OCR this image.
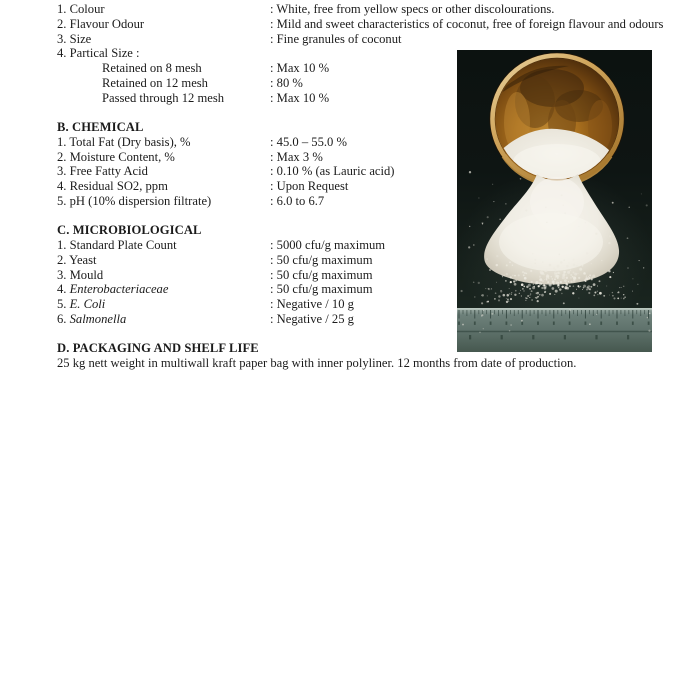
1. Colour	: White, free from yellow specs or other discolourations.
2. Flavour Odour	: Mild and sweet characteristics of coconut, free of foreign flavour and odours
3. Size	: Fine granules of coconut
4. Partical Size :
Retained on 8 mesh	: Max 10 %
Retained on 12 mesh	: 80 %
Passed through 12 mesh	: Max 10 %
B. CHEMICAL
1. Total Fat (Dry basis), %	: 45.0 – 55.0 %
2. Moisture Content, %	: Max 3 %
3. Free Fatty Acid	: 0.10 % (as Lauric acid)
4. Residual SO2, ppm	: Upon Request
5. pH (10% dispersion filtrate)	: 6.0 to 6.7
C. MICROBIOLOGICAL
1. Standard Plate Count	: 5000 cfu/g maximum
2. Yeast	: 50 cfu/g maximum
3. Mould	: 50 cfu/g maximum
4. Enterobacteriaceae	: 50 cfu/g maximum
5. E. Coli	: Negative / 10 g
6. Salmonella	: Negative / 25 g
D. PACKAGING AND SHELF LIFE
25 kg nett weight in multiwall kraft paper bag with inner polyliner. 12 months from date of production.
